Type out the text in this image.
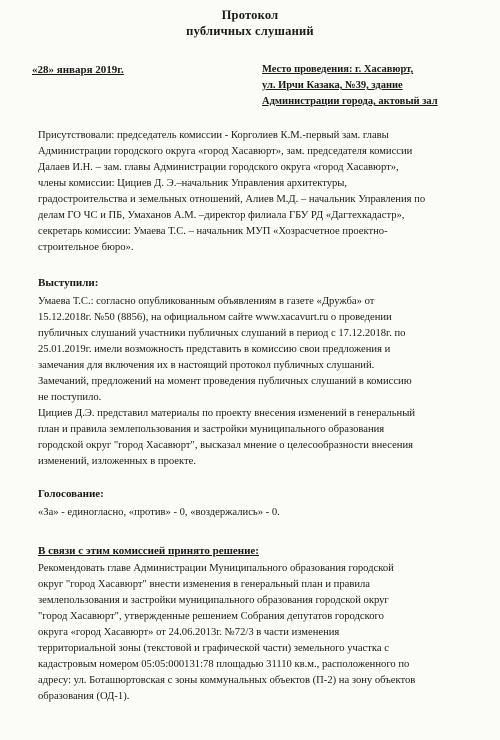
Протокол
публичных слушаний
«28» января 2019г.	Место проведения: г. Хасавюрт,
ул. Ирчи Казака, №39, здание
Администрации города, актовый зал
Присутствовали: председатель комиссии - Корголиев К.М.-первый зам. главы
Администрации городского округа «город Хасавюрт», зам. председателя комиссии
Далаев И.Н. – зам. главы Администрации городского округа «город Хасавюрт»,
члены комиссии: Цициев Д. Э.–начальник Управления архитектуры,
градостроительства и земельных отношений, Алиев М.Д. – начальник Управления по
делам ГО ЧС и ПБ, Умаханов А.М. –директор филиала ГБУ РД «Дагтехкадастр»,
секретарь комиссии: Умаева Т.С. – начальник МУП «Хозрасчетное проектно-
строительное бюро».
Выступили:
Умаева Т.С.: согласно опубликованным объявлениям в газете «Дружба» от
15.12.2018г. №50 (8856), на официальном сайте www.xacavurt.ru о проведении
публичных слушаний участники публичных слушаний в период с 17.12.2018г. по
25.01.2019г. имели возможность представить в комиссию свои предложения и
замечания для включения их в настоящий протокол публичных слушаний.
Замечаний, предложений на момент проведения публичных слушаний в комиссию
не поступило.
Цициев Д.Э. представил материалы по проекту внесения изменений в генеральный
план и правила землепользования и застройки муниципального образования
городской округ "город Хасавюрт", высказал мнение о целесообразности внесения
изменений, изложенных в проекте.
Голосование:
«За» - единогласно, «против» - 0, «воздержались» - 0.
В связи с этим комиссией принято решение:
Рекомендовать главе Администрации Муниципального образования городской
округ "город Хасавюрт" внести изменения в генеральный план и правила
землепользования и застройки муниципального образования городской округ
"город Хасавюрт", утвержденные решением Собрания депутатов городского
округа «город Хасавюрт» от 24.06.2013г. №72/3 в части изменения
территориальной зоны (текстовой и графической части) земельного участка с
кадастровым номером 05:05:000131:78 площадью 31110 кв.м., расположенного по
адресу: ул. Боташюртовская с зоны коммунальных объектов (П-2) на зону объектов
образования (ОД-1).
